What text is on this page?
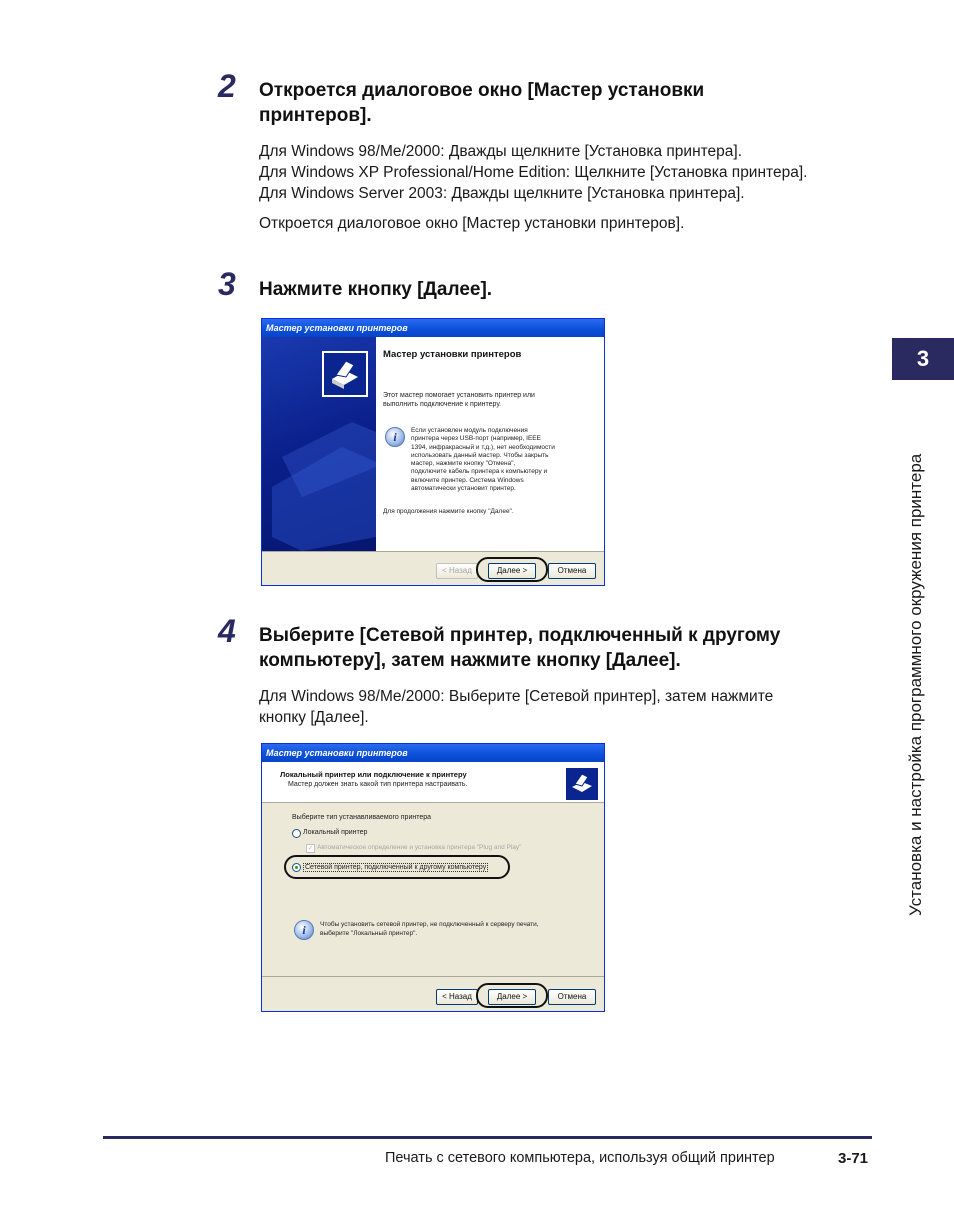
2 Откроется диалоговое окно [Мастер установки
принтеров].
Для Windows 98/Me/2000: Дважды щелкните [Установка принтера].
Для Windows XP Professional/Home Edition: Щелкните [Установка принтера].
Для Windows Server 2003: Дважды щелкните [Установка принтера].
Откроется диалоговое окно [Мастер установки принтеров].
3 Нажмите кнопку [Далее].
Мастер установки принтеров
Мастер установки принтеров
Этот мастер помогает установить принтер или выполнить подключение к принтеру.
i	Если установлен модуль подключения
принтера через USB-порт (например, IEEE
1394, инфракрасный и т.д.), нет необходимости
использовать данный мастер. Чтобы закрыть
мастер, нажмите кнопку "Отмена",
подключите кабель принтера к компьютеру и
включите принтер. Система Windows
автоматически установит принтер.
Для продолжения нажмите кнопку "Далее".
< Назад	Далее >	Отмена
4 Выберите [Сетевой принтер, подключенный к другому
компьютеру], затем нажмите кнопку [Далее].
Для Windows 98/Me/2000: Выберите [Сетевой принтер], затем нажмите
кнопку [Далее].
Мастер установки принтеров
Локальный принтер или подключение к принтеру
Мастер должен знать какой тип принтера настраивать.
Выберите тип устанавливаемого принтера
Локальный принтер
✓ Автоматическое определение и установка принтера "Plug and Play"
Сетевой принтер, подключенный к другому компьютеру
i	Чтобы установить сетевой принтер, не подключенный к серверу печати,
выберите "Локальный принтер".
< Назад	Далее >	Отмена
3
Установка и настройка программного окружения принтера
Печать с сетевого компьютера, используя общий принтер	3-71
